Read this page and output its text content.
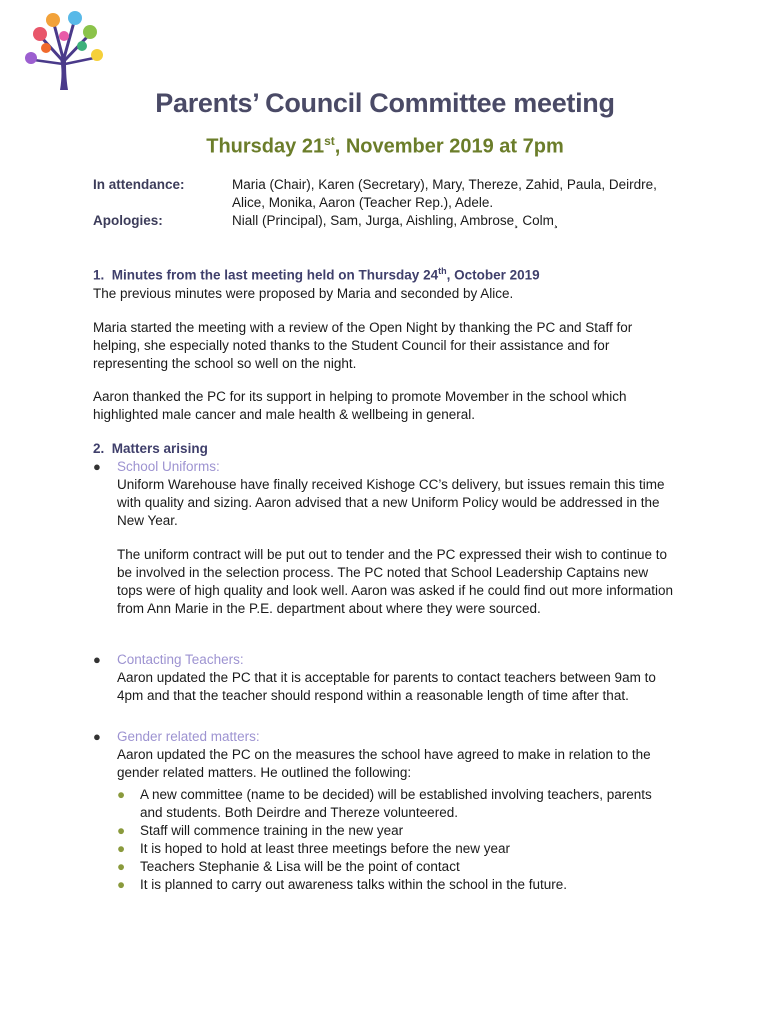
Parents’ Council Committee meeting
Thursday 21st, November 2019 at 7pm
In attendance:	Maria (Chair), Karen (Secretary), Mary, Thereze, Zahid, Paula, Deirdre, Alice, Monika, Aaron (Teacher Rep.), Adele.
Apologies:	Niall (Principal), Sam, Jurga, Aishling, Ambrose¸ Colm¸
1. Minutes from the last meeting held on Thursday 24th, October 2019
The previous minutes were proposed by Maria and seconded by Alice.
Maria started the meeting with a review of the Open Night by thanking the PC and Staff for helping, she especially noted thanks to the Student Council for their assistance and for representing the school so well on the night.
Aaron thanked the PC for its support in helping to promote Movember in the school which highlighted male cancer and male health & wellbeing in general.
2. Matters arising
● School Uniforms:
Uniform Warehouse have finally received Kishoge CC’s delivery, but issues remain this time with quality and sizing. Aaron advised that a new Uniform Policy would be addressed in the New Year.
The uniform contract will be put out to tender and the PC expressed their wish to continue to be involved in the selection process. The PC noted that School Leadership Captains new tops were of high quality and look well. Aaron was asked if he could find out more information from Ann Marie in the P.E. department about where they were sourced.
● Contacting Teachers:
Aaron updated the PC that it is acceptable for parents to contact teachers between 9am to 4pm and that the teacher should respond within a reasonable length of time after that.
● Gender related matters:
Aaron updated the PC on the measures the school have agreed to make in relation to the gender related matters. He outlined the following:
● A new committee (name to be decided) will be established involving teachers, parents and students. Both Deirdre and Thereze volunteered.
● Staff will commence training in the new year
● It is hoped to hold at least three meetings before the new year
● Teachers Stephanie & Lisa will be the point of contact
● It is planned to carry out awareness talks within the school in the future.
